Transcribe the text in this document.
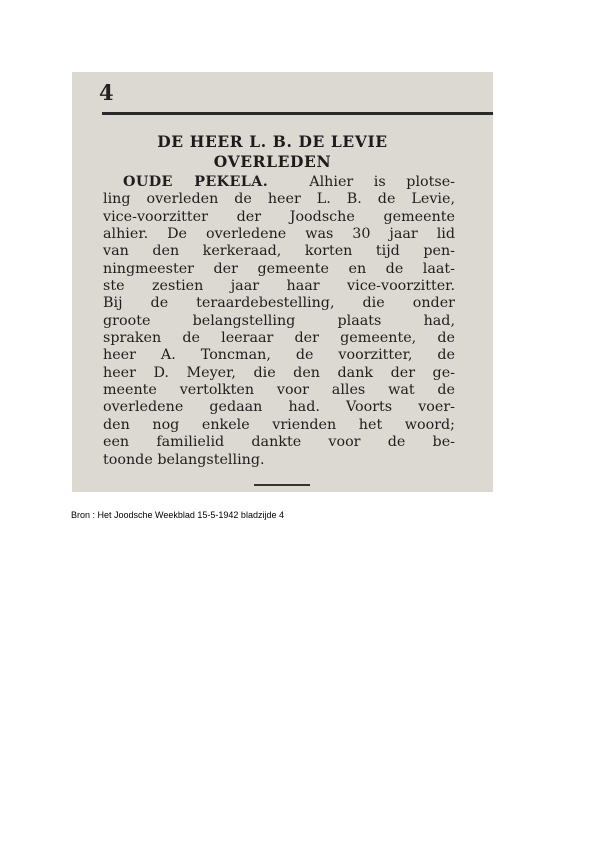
4
DE HEER L. B. DE LEVIE
OVERLEDEN
OUDE PEKELA.	Alhier is plotse-
ling overleden de heer L. B. de Levie,
vice-voorzitter der Joodsche gemeente
alhier. De overledene was 30 jaar lid
van den kerkeraad, korten tijd pen-
ningmeester der gemeente en de laat-
ste zestien jaar haar vice-voorzitter.
Bij de teraardebestelling, die onder
groote belangstelling plaats had,
spraken de leeraar der gemeente, de
heer A. Toncman, de voorzitter, de
heer D. Meyer, die den dank der ge-
meente vertolkten voor alles wat de
overledene gedaan had. Voorts voer-
den nog enkele vrienden het woord;
een familielid dankte voor de be-
toonde belangstelling.
Bron : Het Joodsche Weekblad 15-5-1942 bladzijde 4
